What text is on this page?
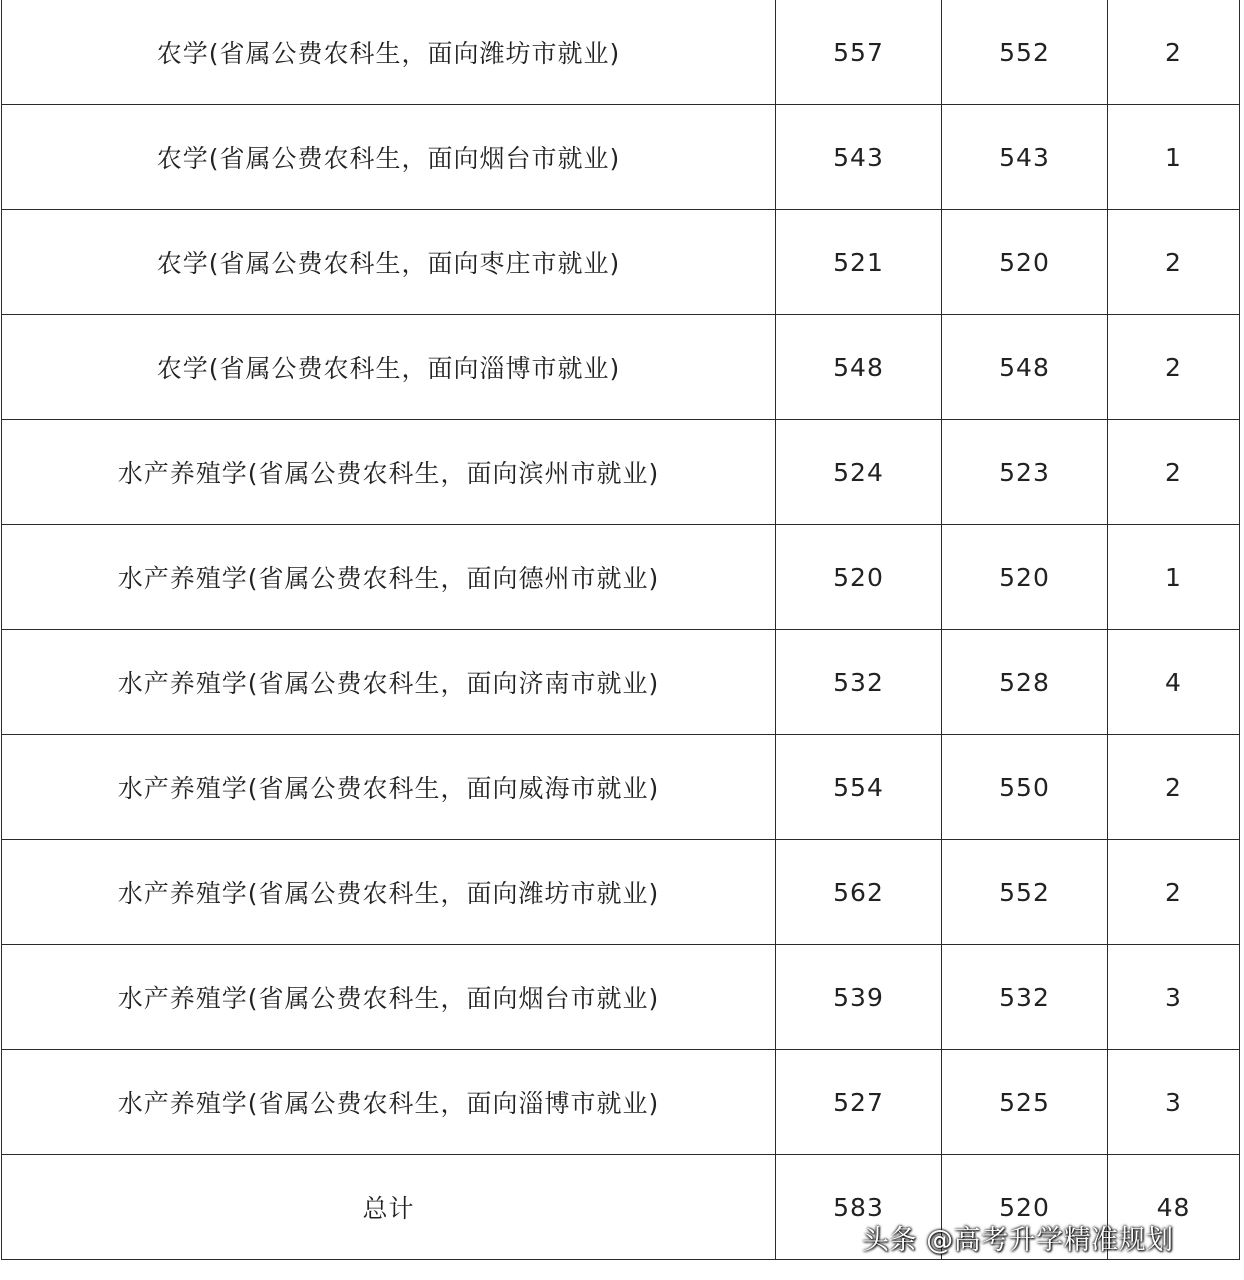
农学(省属公费农科生，面向潍坊市就业)	557	552	2
农学(省属公费农科生，面向烟台市就业)	543	543	1
农学(省属公费农科生，面向枣庄市就业)	521	520	2
农学(省属公费农科生，面向淄博市就业)	548	548	2
水产养殖学(省属公费农科生，面向滨州市就业)	524	523	2
水产养殖学(省属公费农科生，面向德州市就业)	520	520	1
水产养殖学(省属公费农科生，面向济南市就业)	532	528	4
水产养殖学(省属公费农科生，面向威海市就业)	554	550	2
水产养殖学(省属公费农科生，面向潍坊市就业)	562	552	2
水产养殖学(省属公费农科生，面向烟台市就业)	539	532	3
水产养殖学(省属公费农科生，面向淄博市就业)	527	525	3
总计	583	520	48
头条 @高考升学精准规划
